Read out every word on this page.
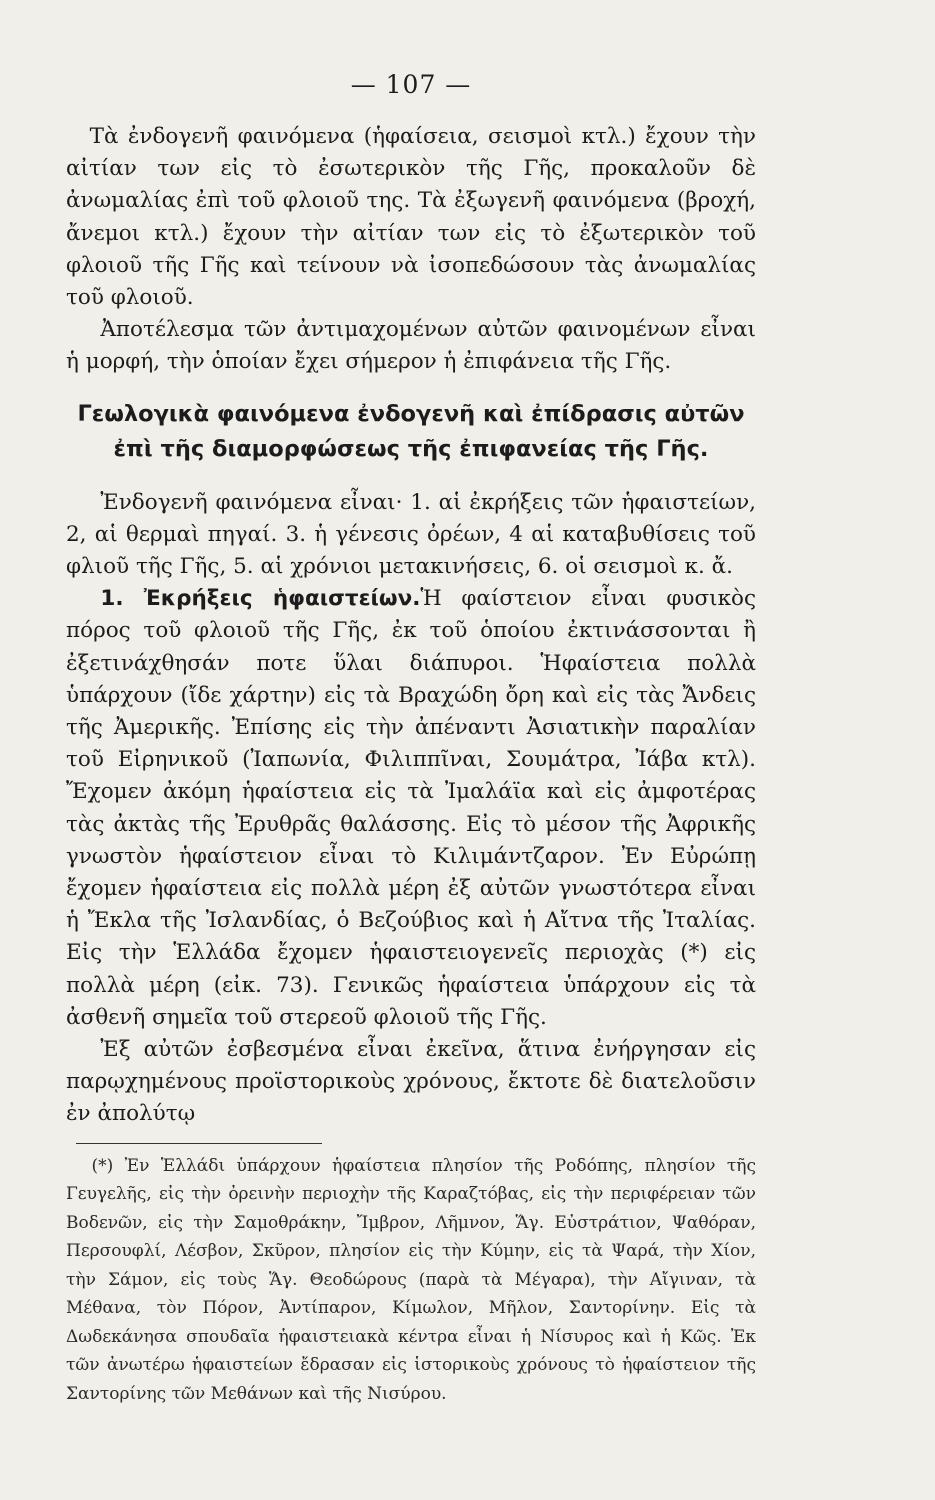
— 107 —

Τὰ ἐνδογενῆ φαινόμενα (ἡφαίσεια, σεισμοὶ κτλ.) ἔχουν τὴν αἰτίαν των εἰς τὸ ἐσωτερικὸν τῆς Γῆς, προκαλοῦν δὲ ἀνωμαλίας ἐπὶ τοῦ φλοιοῦ της. Τὰ ἐξωγενῆ φαινόμενα (βροχή, ἄνεμοι κτλ.) ἔχουν τὴν αἰτίαν των εἰς τὸ ἐξωτερικὸν τοῦ φλοιοῦ τῆς Γῆς καὶ τείνουν νὰ ἰσοπεδώσουν τὰς ἀνωμαλίας τοῦ φλοιοῦ.

Ἀποτέλεσμα τῶν ἀντιμαχομένων αὐτῶν φαινομένων εἶναι ἡ μορφή, τὴν ὁποίαν ἔχει σήμερον ἡ ἐπιφάνεια τῆς Γῆς.

Γεωλογικὰ φαινόμενα ἐνδογενῆ καὶ ἐπίδρασις αὐτῶν
ἐπὶ τῆς διαμορφώσεως τῆς ἐπιφανείας τῆς Γῆς.

Ἐνδογενῆ φαινόμενα εἶναι· 1. αἱ ἐκρήξεις τῶν ἡφαιστείων, 2, αἱ θερμαὶ πηγαί. 3. ἡ γένεσις ὀρέων, 4 αἱ καταβυθίσεις τοῦ φλιοῦ τῆς Γῆς, 5. αἱ χρόνιοι μετακινήσεις, 6. οἱ σεισμοὶ κ. ἄ.

1. Ἐκρήξεις ἡφαιστείων.Ἡ φαίστειον εἶναι φυσικὸς πόρος τοῦ φλοιοῦ τῆς Γῆς, ἐκ τοῦ ὁποίου ἐκτινάσσονται ἢ ἐξετινάχθησάν ποτε ὕλαι διάπυροι. Ἡφαίστεια πολλὰ ὑπάρχουν (ἴδε χάρτην) εἰς τὰ Βραχώδη ὄρη καὶ εἰς τὰς Ἄνδεις τῆς Ἀμερικῆς. Ἐπίσης εἰς τὴν ἀπέναντι Ἀσιατικὴν παραλίαν τοῦ Εἰρηνικοῦ (Ἰαπωνία, Φιλιππῖναι, Σουμάτρα, Ἰάβα κτλ). Ἔχομεν ἀκόμη ἡφαίστεια εἰς τὰ Ἰμαλάϊα καὶ εἰς ἀμφοτέρας τὰς ἀκτὰς τῆς Ἐρυθρᾶς θαλάσσης. Εἰς τὸ μέσον τῆς Ἀφρικῆς γνωστὸν ἡφαίστειον εἶναι τὸ Κιλιμάντζαρον. Ἐν Εὐρώπῃ ἔχομεν ἡφαίστεια εἰς πολλὰ μέρη ἐξ αὐτῶν γνωστότερα εἶναι ἡ Ἔκλα τῆς Ἰσλανδίας, ὁ Βεζούβιος καὶ ἡ Αἴτνα τῆς Ἰταλίας. Εἰς τὴν Ἑλλάδα ἔχομεν ἡφαιστειογενεῖς περιοχὰς (*) εἰς πολλὰ μέρη (εἰκ. 73). Γενικῶς ἡφαίστεια ὑπάρχουν εἰς τὰ ἀσθενῆ σημεῖα τοῦ στερεοῦ φλοιοῦ τῆς Γῆς.

Ἐξ αὐτῶν ἐσβεσμένα εἶναι ἐκεῖνα, ἅτινα ἐνήργησαν εἰς παρῳχημένους προϊστορικοὺς χρόνους, ἔκτοτε δὲ διατελοῦσιν ἐν ἀπολύτῳ

(*) Ἐν Ἑλλάδι ὑπάρχουν ἡφαίστεια πλησίον τῆς Ροδόπης, πλησίον τῆς Γευγελῆς, εἰς τὴν ὀρεινὴν περιοχὴν τῆς Καραζτόβας, εἰς τὴν περιφέρειαν τῶν Βοδενῶν, εἰς τὴν Σαμοθράκην, Ἴμβρον, Λῆμνον, Ἅγ. Εὐστράτιον, Ψαθόραν, Περσουφλί, Λέσβον, Σκῦρον, πλησίον εἰς τὴν Κύμην, εἰς τὰ Ψαρά, τὴν Χίον, τὴν Σάμον, εἰς τοὺς Ἅγ. Θεοδώρους (παρὰ τὰ Μέγαρα), τὴν Αἴγιναν, τὰ Μέθανα, τὸν Πόρον, Ἀντίπαρον, Κίμωλον, Μῆλον, Σαντορίνην. Εἰς τὰ Δωδεκάνησα σπουδαῖα ἡφαιστειακὰ κέντρα εἶναι ἡ Νίσυρος καὶ ἡ Κῶς. Ἐκ τῶν ἀνωτέρω ἡφαιστείων ἔδρασαν εἰς ἱστορικοὺς χρόνους τὸ ἡφαίστειον τῆς Σαντορίνης τῶν Μεθάνων καὶ τῆς Νισύρου.
